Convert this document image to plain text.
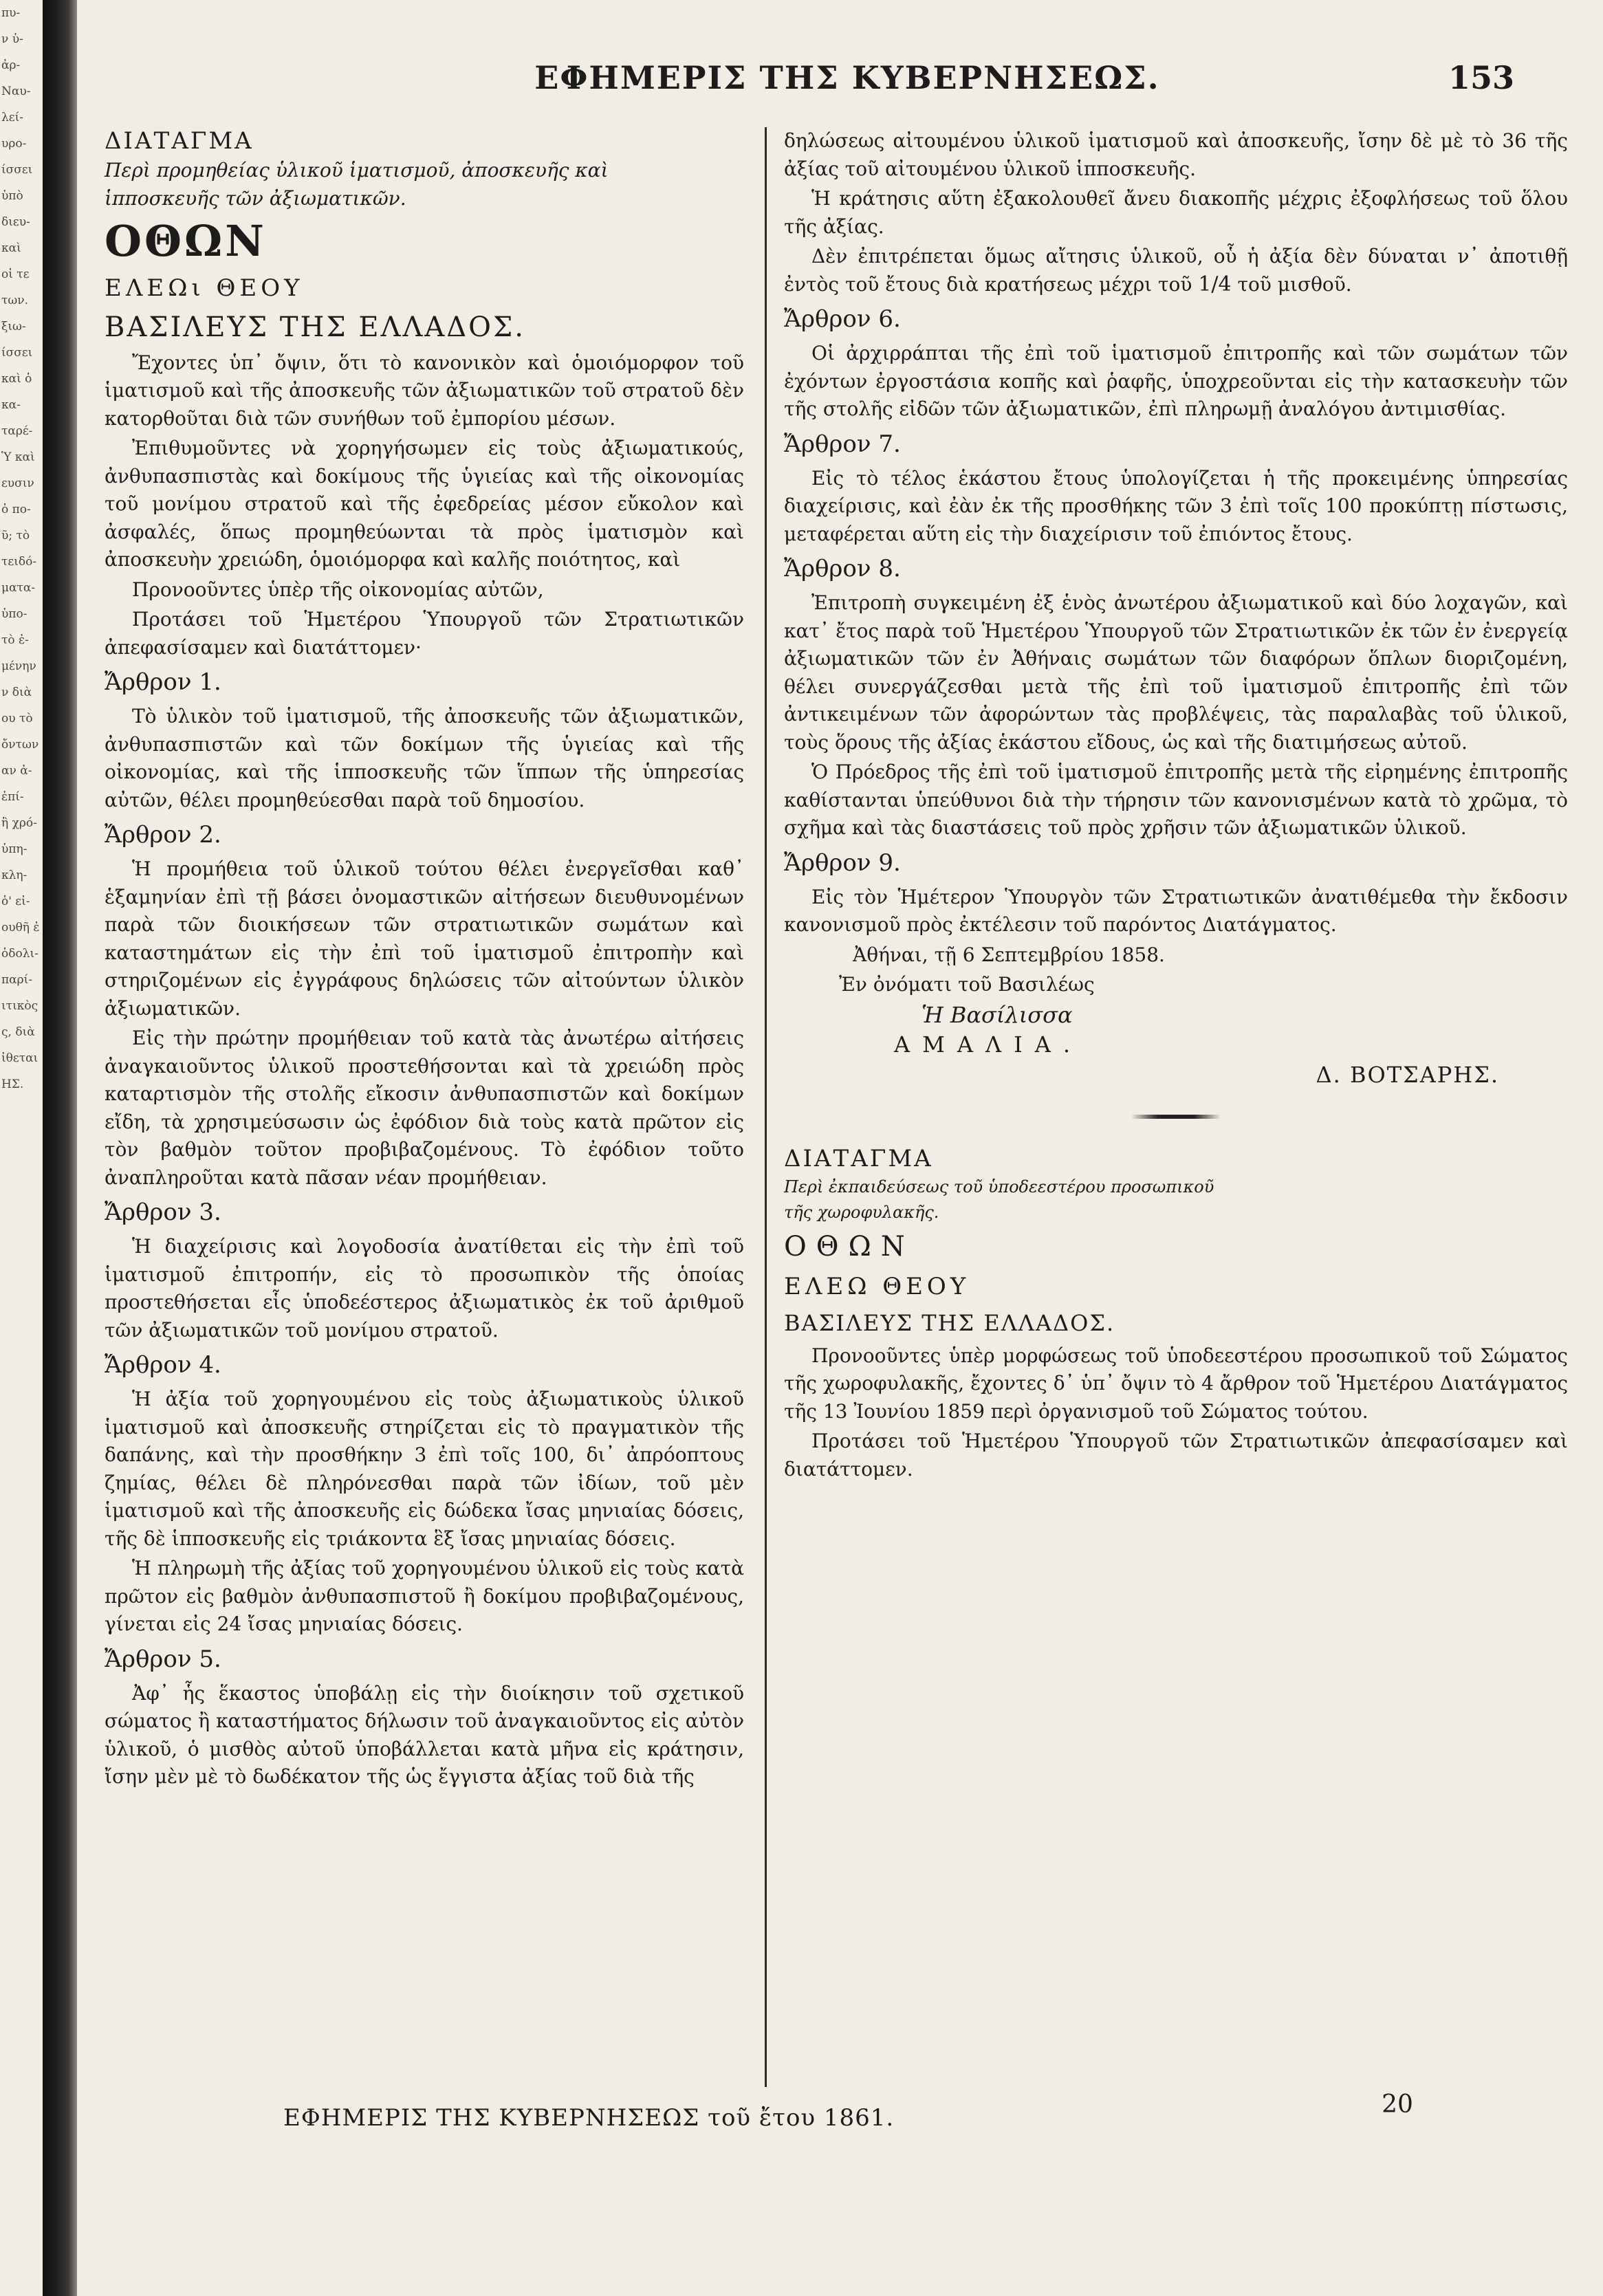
πυ-
ν ὑ-
ἀρ-
Ναυ-
λεί-
υρο-
ίσσει
ὑπὸ
διευ-
καὶ
οἱ τε
των.
ξιω-
ίσσει
καὶ ὁ
κα-
ταρέ-
Ὑ καὶ
ευσιν
ὁ πο-
ῦ; τὸ
τειδό-
ματα-
ὑπο-
τὸ ἐ-
μένην
ν διὰ
ου τὸ
ὄντων
αν ἀ-
ἐπί-
ἢ χρό-
ὑπη-
κλη-
ὁ' εἰ-
ουθῆ ἐ
ὁδολι-
παρί-
ιτικὸς
ς, διὰ
ἰθεται
ΗΣ.
ΕΦΗΜΕΡΙΣ ΤΗΣ ΚΥΒΕΡΝΗΣΕΩΣ.	153

ΔΙΑΤΑΓΜΑ

Περὶ προμηθείας ὑλικοῦ ἱματισμοῦ, ἀποσκευῆς καὶ

ἱπποσκευῆς τῶν ἀξιωματικῶν.

ΟΘΩΝ

ΕΛΕΩι ΘΕΟΥ

ΒΑΣΙΛΕΥΣ ΤΗΣ ΕΛΛΑΔΟΣ.

Ἔχοντες ὑπ᾿ ὄψιν, ὅτι τὸ κανονικὸν καὶ ὁμοιόμορφον τοῦ ἱματισμοῦ καὶ τῆς ἀποσκευῆς τῶν ἀξιωματικῶν τοῦ στρατοῦ δὲν κατορθοῦται διὰ τῶν συνήθων τοῦ ἐμπορίου μέσων.

Ἐπιθυμοῦντες νὰ χορηγήσωμεν εἰς τοὺς ἀξιωματικούς, ἀνθυπασπιστὰς καὶ δοκίμους τῆς ὑγιείας καὶ τῆς οἰκονομίας τοῦ μονίμου στρατοῦ καὶ τῆς ἐφεδρείας μέσον εὔκολον καὶ ἀσφαλές, ὅπως προμηθεύωνται τὰ πρὸς ἱματισμὸν καὶ ἀποσκευὴν χρειώδη, ὁμοιόμορφα καὶ καλῆς ποιότητος, καὶ

Προνοοῦντες ὑπὲρ τῆς οἰκονομίας αὐτῶν,

Προτάσει τοῦ Ἡμετέρου Ὑπουργοῦ τῶν Στρατιωτικῶν ἀπεφασίσαμεν καὶ διατάττομεν·

Ἄρθρον 1.

Τὸ ὑλικὸν τοῦ ἱματισμοῦ, τῆς ἀποσκευῆς τῶν ἀξιωματικῶν, ἀνθυπασπιστῶν καὶ τῶν δοκίμων τῆς ὑγιείας καὶ τῆς οἰκονομίας, καὶ τῆς ἱπποσκευῆς τῶν ἵππων τῆς ὑπηρεσίας αὐτῶν, θέλει προμηθεύεσθαι παρὰ τοῦ δημοσίου.

Ἄρθρον 2.

Ἡ προμήθεια τοῦ ὑλικοῦ τούτου θέλει ἐνεργεῖσθαι καθ᾿ ἑξαμηνίαν ἐπὶ τῇ βάσει ὀνομαστικῶν αἰτήσεων διευθυνομένων παρὰ τῶν διοικήσεων τῶν στρατιωτικῶν σωμάτων καὶ καταστημάτων εἰς τὴν ἐπὶ τοῦ ἱματισμοῦ ἐπιτροπὴν καὶ στηριζομένων εἰς ἐγγράφους δηλώσεις τῶν αἰτούντων ὑλικὸν ἀξιωματικῶν.

Εἰς τὴν πρώτην προμήθειαν τοῦ κατὰ τὰς ἀνωτέρω αἰτήσεις ἀναγκαιοῦντος ὑλικοῦ προστεθήσονται καὶ τὰ χρειώδη πρὸς καταρτισμὸν τῆς στολῆς εἴκοσιν ἀνθυπασπιστῶν καὶ δοκίμων εἴδη, τὰ χρησιμεύσωσιν ὡς ἐφόδιον διὰ τοὺς κατὰ πρῶτον εἰς τὸν βαθμὸν τοῦτον προβιβαζομένους. Τὸ ἐφόδιον τοῦτο ἀναπληροῦται κατὰ πᾶσαν νέαν προμήθειαν.

Ἄρθρον 3.

Ἡ διαχείρισις καὶ λογοδοσία ἀνατίθεται εἰς τὴν ἐπὶ τοῦ ἱματισμοῦ ἐπιτροπήν, εἰς τὸ προσωπικὸν τῆς ὁποίας προστεθήσεται εἷς ὑποδεέστερος ἀξιωματικὸς ἐκ τοῦ ἀριθμοῦ τῶν ἀξιωματικῶν τοῦ μονίμου στρατοῦ.

Ἄρθρον 4.

Ἡ ἀξία τοῦ χορηγουμένου εἰς τοὺς ἀξιωματικοὺς ὑλικοῦ ἱματισμοῦ καὶ ἀποσκευῆς στηρίζεται εἰς τὸ πραγματικὸν τῆς δαπάνης, καὶ τὴν προσθήκην 3 ἐπὶ τοῖς 100, δι᾿ ἀπρόοπτους ζημίας, θέλει δὲ πληρόνεσθαι παρὰ τῶν ἰδίων, τοῦ μὲν ἱματισμοῦ καὶ τῆς ἀποσκευῆς εἰς δώδεκα ἴσας μηνιαίας δόσεις, τῆς δὲ ἱπποσκευῆς εἰς τριάκοντα ἓξ ἴσας μηνιαίας δόσεις.

Ἡ πληρωμὴ τῆς ἀξίας τοῦ χορηγουμένου ὑλικοῦ εἰς τοὺς κατὰ πρῶτον εἰς βαθμὸν ἀνθυπασπιστοῦ ἢ δοκίμου προβιβαζομένους, γίνεται εἰς 24 ἴσας μηνιαίας δόσεις.

Ἄρθρον 5.

Ἀφ᾿ ἧς ἕκαστος ὑποβάλῃ εἰς τὴν διοίκησιν τοῦ σχετικοῦ σώματος ἢ καταστήματος δήλωσιν τοῦ ἀναγκαιοῦντος εἰς αὐτὸν ὑλικοῦ, ὁ μισθὸς αὐτοῦ ὑποβάλλεται κατὰ μῆνα εἰς κράτησιν, ἴσην μὲν μὲ τὸ δωδέκατον τῆς ὡς ἔγγιστα ἀξίας τοῦ διὰ τῆς

δηλώσεως αἰτουμένου ὑλικοῦ ἱματισμοῦ καὶ ἀποσκευῆς, ἴσην δὲ μὲ τὸ 36 τῆς ἀξίας τοῦ αἰτουμένου ὑλικοῦ ἱπποσκευῆς.

Ἡ κράτησις αὕτη ἐξακολουθεῖ ἄνευ διακοπῆς μέχρις ἐξοφλήσεως τοῦ ὅλου τῆς ἀξίας.

Δὲν ἐπιτρέπεται ὅμως αἴτησις ὑλικοῦ, οὗ ἡ ἀξία δὲν δύναται ν᾿ ἀποτιθῇ ἐντὸς τοῦ ἔτους διὰ κρατήσεως μέχρι τοῦ 1/4 τοῦ μισθοῦ.

Ἄρθρον 6.

Οἱ ἀρχιρράπται τῆς ἐπὶ τοῦ ἱματισμοῦ ἐπιτροπῆς καὶ τῶν σωμάτων τῶν ἐχόντων ἐργοστάσια κοπῆς καὶ ῥαφῆς, ὑποχρεοῦνται εἰς τὴν κατασκευὴν τῶν τῆς στολῆς εἰδῶν τῶν ἀξιωματικῶν, ἐπὶ πληρωμῇ ἀναλόγου ἀντιμισθίας.

Ἄρθρον 7.

Εἰς τὸ τέλος ἑκάστου ἔτους ὑπολογίζεται ἡ τῆς προκειμένης ὑπηρεσίας διαχείρισις, καὶ ἐὰν ἐκ τῆς προσθήκης τῶν 3 ἐπὶ τοῖς 100 προκύπτῃ πίστωσις, μεταφέρεται αὕτη εἰς τὴν διαχείρισιν τοῦ ἐπιόντος ἔτους.

Ἄρθρον 8.

Ἐπιτροπὴ συγκειμένη ἐξ ἑνὸς ἀνωτέρου ἀξιωματικοῦ καὶ δύο λοχαγῶν, καὶ κατ᾿ ἔτος παρὰ τοῦ Ἡμετέρου Ὑπουργοῦ τῶν Στρατιωτικῶν ἐκ τῶν ἐν ἐνεργείᾳ ἀξιωματικῶν τῶν ἐν Ἀθήναις σωμάτων τῶν διαφόρων ὅπλων διοριζομένη, θέλει συνεργάζεσθαι μετὰ τῆς ἐπὶ τοῦ ἱματισμοῦ ἐπιτροπῆς ἐπὶ τῶν ἀντικειμένων τῶν ἀφορώντων τὰς προβλέψεις, τὰς παραλαβὰς τοῦ ὑλικοῦ, τοὺς ὅρους τῆς ἀξίας ἑκάστου εἴδους, ὡς καὶ τῆς διατιμήσεως αὐτοῦ.

Ὁ Πρόεδρος τῆς ἐπὶ τοῦ ἱματισμοῦ ἐπιτροπῆς μετὰ τῆς εἰρημένης ἐπιτροπῆς καθίστανται ὑπεύθυνοι διὰ τὴν τήρησιν τῶν κανονισμένων κατὰ τὸ χρῶμα, τὸ σχῆμα καὶ τὰς διαστάσεις τοῦ πρὸς χρῆσιν τῶν ἀξιωματικῶν ὑλικοῦ.

Ἄρθρον 9.

Εἰς τὸν Ἡμέτερον Ὑπουργὸν τῶν Στρατιωτικῶν ἀνατιθέμεθα τὴν ἔκδοσιν κανονισμοῦ πρὸς ἐκτέλεσιν τοῦ παρόντος Διατάγματος.

Ἀθήναι, τῇ 6 Σεπτεμβρίου 1858.

Ἐν ὀνόματι τοῦ Βασιλέως

Ἡ Βασίλισσα

ΑΜΑΛΙΑ.

Δ. ΒΟΤΣΑΡΗΣ.

ΔΙΑΤΑΓΜΑ

Περὶ ἐκπαιδεύσεως τοῦ ὑποδεεστέρου προσωπικοῦ

τῆς χωροφυλακῆς.

ΟΘΩΝ

ΕΛΕΩ ΘΕΟΥ

ΒΑΣΙΛΕΥΣ ΤΗΣ ΕΛΛΑΔΟΣ.

Προνοοῦντες ὑπὲρ μορφώσεως τοῦ ὑποδεεστέρου προσωπικοῦ τοῦ Σώματος τῆς χωροφυλακῆς, ἔχοντες δ᾿ ὑπ᾿ ὄψιν τὸ 4 ἄρθρον τοῦ Ἡμετέρου Διατάγματος τῆς 13 Ἰουνίου 1859 περὶ ὀργανισμοῦ τοῦ Σώματος τούτου.

Προτάσει τοῦ Ἡμετέρου Ὑπουργοῦ τῶν Στρατιωτικῶν ἀπεφασίσαμεν καὶ διατάττομεν.

ΕΦΗΜΕΡΙΣ ΤΗΣ ΚΥΒΕΡΝΗΣΕΩΣ τοῦ ἔτου 1861.	20
